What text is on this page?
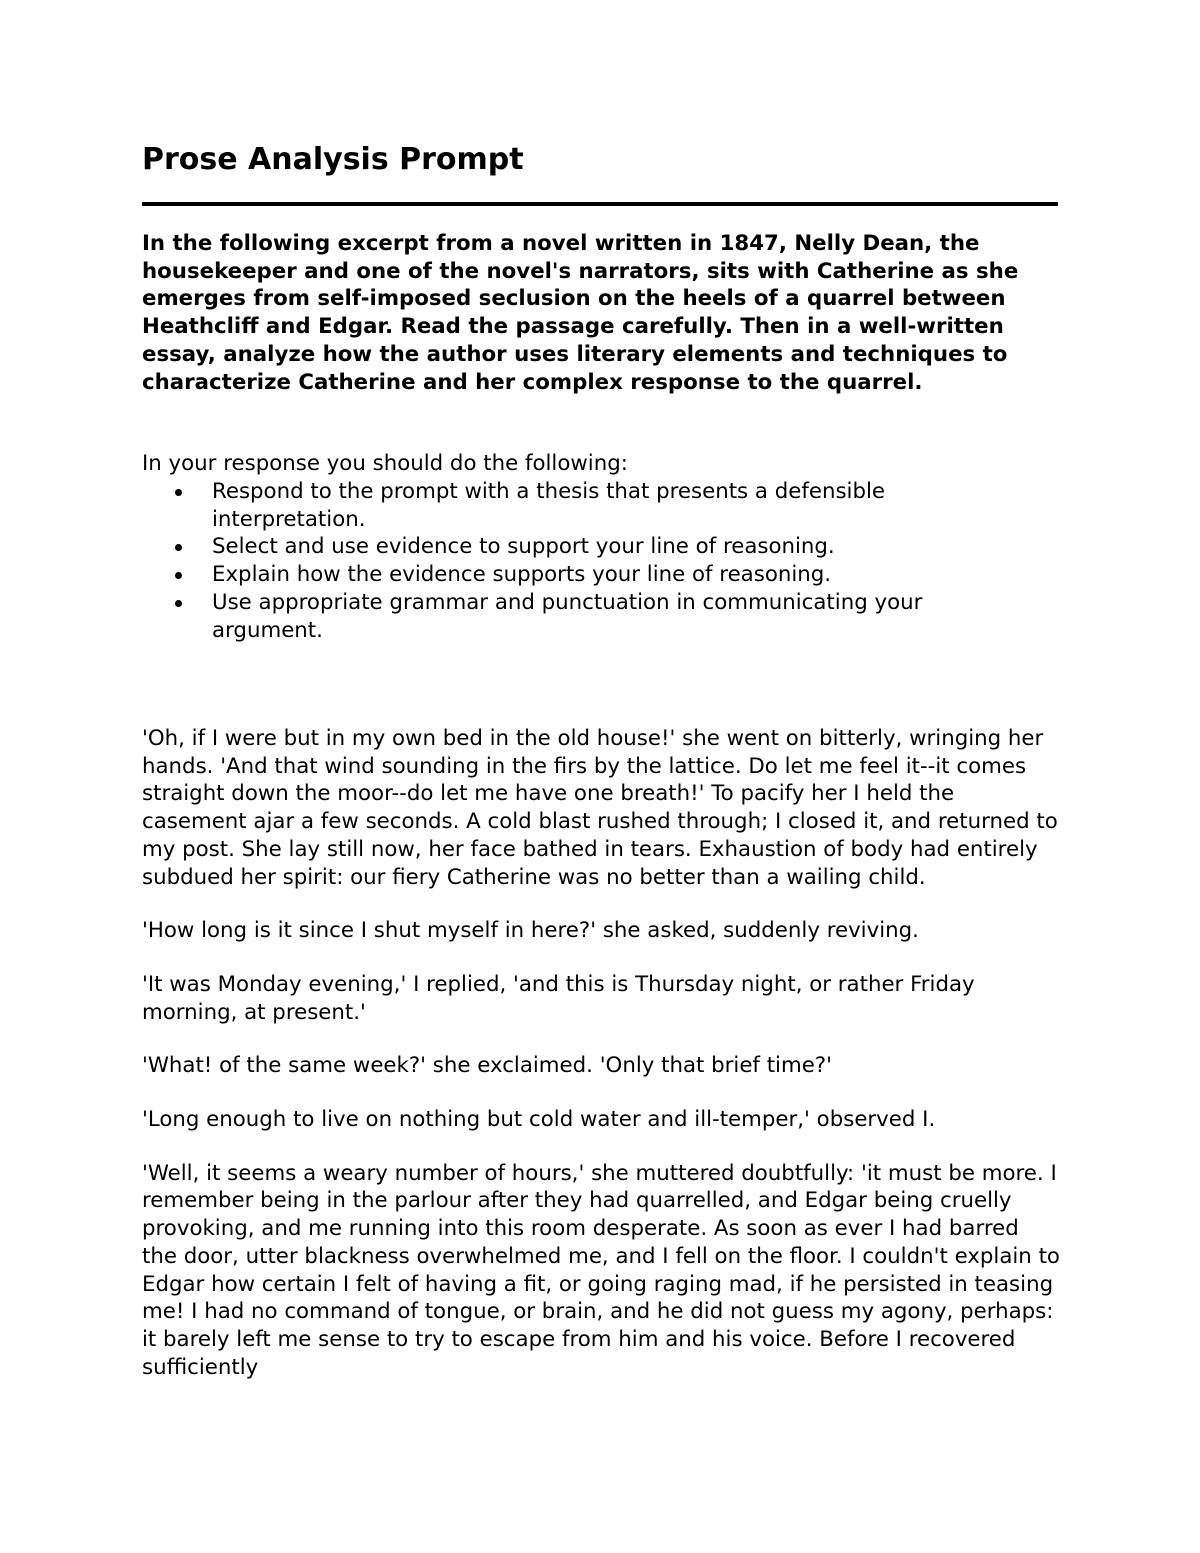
Prose Analysis Prompt

In the following excerpt from a novel written in 1847, Nelly Dean, the housekeeper and one of the novel's narrators, sits with Catherine as she emerges from self-imposed seclusion on the heels of a quarrel between Heathcliff and Edgar. Read the passage carefully. Then in a well-written essay, analyze how the author uses literary elements and techniques to characterize Catherine and her complex response to the quarrel.

In your response you should do the following:

Respond to the prompt with a thesis that presents a defensible interpretation.
Select and use evidence to support your line of reasoning.
Explain how the evidence supports your line of reasoning.
Use appropriate grammar and punctuation in communicating your argument.

'Oh, if I were but in my own bed in the old house!' she went on bitterly, wringing her hands. 'And that wind sounding in the firs by the lattice. Do let me feel it--it comes straight down the moor--do let me have one breath!' To pacify her I held the casement ajar a few seconds. A cold blast rushed through; I closed it, and returned to my post. She lay still now, her face bathed in tears. Exhaustion of body had entirely subdued her spirit: our fiery Catherine was no better than a wailing child.

'How long is it since I shut myself in here?' she asked, suddenly reviving.

'It was Monday evening,' I replied, 'and this is Thursday night, or rather Friday morning, at present.'

'What! of the same week?' she exclaimed. 'Only that brief time?'

'Long enough to live on nothing but cold water and ill-temper,' observed I.

'Well, it seems a weary number of hours,' she muttered doubtfully: 'it must be more. I remember being in the parlour after they had quarrelled, and Edgar being cruelly provoking, and me running into this room desperate. As soon as ever I had barred the door, utter blackness overwhelmed me, and I fell on the floor. I couldn't explain to Edgar how certain I felt of having a fit, or going raging mad, if he persisted in teasing me! I had no command of tongue, or brain, and he did not guess my agony, perhaps: it barely left me sense to try to escape from him and his voice. Before I recovered sufficiently
